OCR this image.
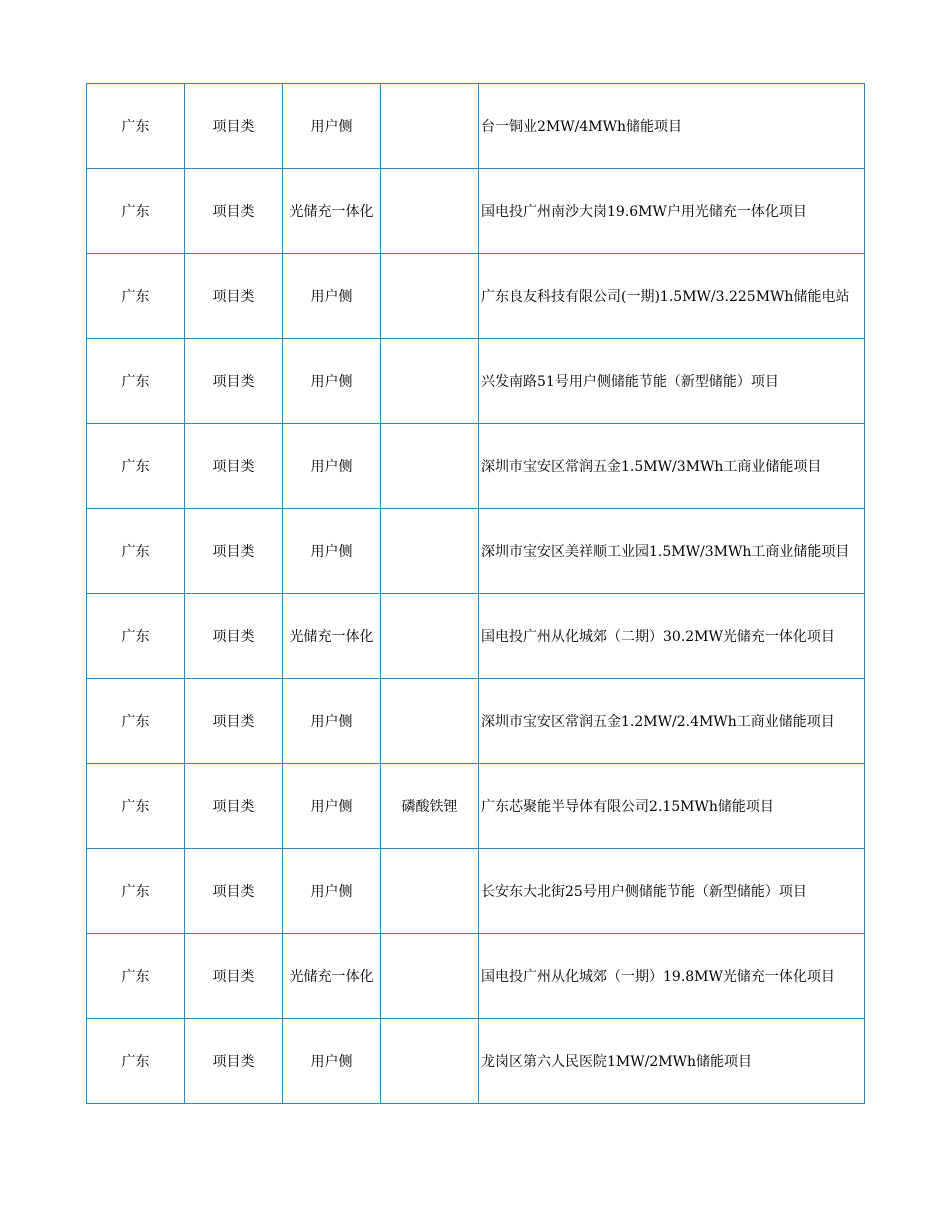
广东	项目类	用户侧		台一铜业2MW/4MWh储能项目
广东	项目类	光储充一体化		国电投广州南沙大岗19.6MW户用光储充一体化项目
广东	项目类	用户侧		广东良友科技有限公司(一期)1.5MW/3.225MWh储能电站
广东	项目类	用户侧		兴发南路51号用户侧储能节能（新型储能）项目
广东	项目类	用户侧		深圳市宝安区常润五金1.5MW/3MWh工商业储能项目
广东	项目类	用户侧		深圳市宝安区美祥顺工业园1.5MW/3MWh工商业储能项目
广东	项目类	光储充一体化		国电投广州从化城郊（二期）30.2MW光储充一体化项目
广东	项目类	用户侧		深圳市宝安区常润五金1.2MW/2.4MWh工商业储能项目
广东	项目类	用户侧	磷酸铁锂	广东芯聚能半导体有限公司2.15MWh储能项目
广东	项目类	用户侧		长安东大北街25号用户侧储能节能（新型储能）项目
广东	项目类	光储充一体化		国电投广州从化城郊（一期）19.8MW光储充一体化项目
广东	项目类	用户侧		龙岗区第六人民医院1MW/2MWh储能项目
